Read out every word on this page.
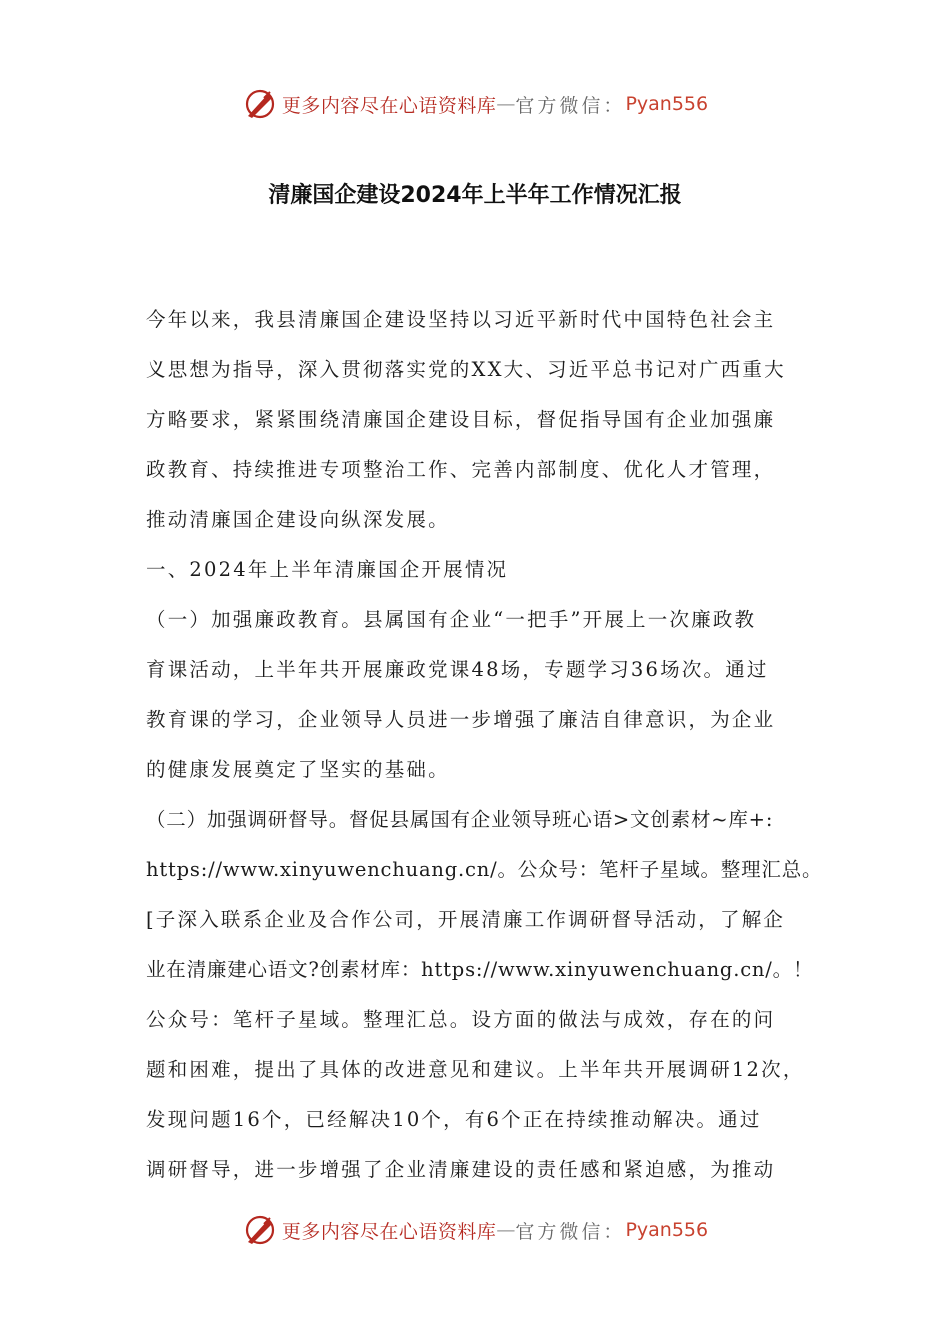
更多内容尽在心语资料库 — 官方微信： Pyan556
清廉国企建设2024年上半年工作情况汇报
今年以来，我县清廉国企建设坚持以习近平新时代中国特色社会主
义思想为指导，深入贯彻落实党的XX大、习近平总书记对广西重大
方略要求，紧紧围绕清廉国企建设目标，督促指导国有企业加强廉
政教育、持续推进专项整治工作、完善内部制度、优化人才管理，
推动清廉国企建设向纵深发展。
一、2024年上半年清廉国企开展情况
（一）加强廉政教育。县属国有企业“一把手”开展上一次廉政教
育课活动，上半年共开展廉政党课48场，专题学习36场次。通过
教育课的学习，企业领导人员进一步增强了廉洁自律意识，为企业
的健康发展奠定了坚实的基础。
（二）加强调研督导。督促县属国有企业领导班心语>文创素材~库+:
https://www.xinyuwenchuang.cn/。公众号：笔杆子星域。整理汇总。
[子深入联系企业及合作公司，开展清廉工作调研督导活动，了解企
业在清廉建心语文?创素材库：https://www.xinyuwenchuang.cn/。！
公众号：笔杆子星域。整理汇总。设方面的做法与成效，存在的问
题和困难，提出了具体的改进意见和建议。上半年共开展调研12次，
发现问题16个，已经解决10个，有6个正在持续推动解决。通过
调研督导，进一步增强了企业清廉建设的责任感和紧迫感，为推动
更多内容尽在心语资料库 — 官方微信： Pyan556
